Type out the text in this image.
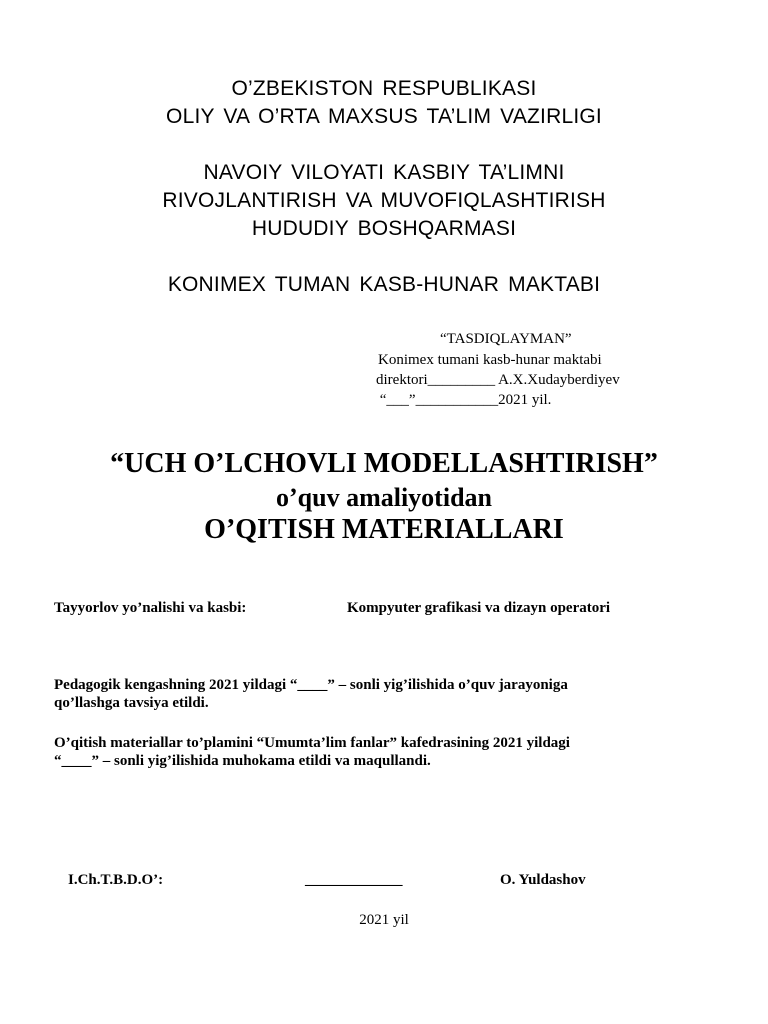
O’ZBEKISTON RESPUBLIKASI
OLIY VA O’RTA MAXSUS TA’LIM VAZIRLIGI
NAVOIY VILOYATI KASBIY TA’LIMNI
RIVOJLANTIRISH VA MUVOFIQLASHTIRISH
HUDUDIY BOSHQARMASI
KONIMEX TUMAN KASB-HUNAR MAKTABI
“TASDIQLAYMAN”
Konimex tumani kasb-hunar maktabi
direktori_________ A.X.Xudayberdiyev
“___”___________2021 yil.
“UCH O’LCHOVLI MODELLASHTIRISH”
o’quv amaliyotidan
O’QITISH MATERIALLARI
Tayyorlov yo’nalishi va kasbi:	Kompyuter grafikasi va dizayn operatori
Pedagogik kengashning 2021 yildagi “____” – sonli yig’ilishida o’quv jarayoniga
qo’llashga tavsiya etildi.
O’qitish materiallar to’plamini “Umumta’lim fanlar” kafedrasining 2021 yildagi
“____” – sonli yig’ilishida muhokama etildi va maqullandi.
I.Ch.T.B.D.O’:	_____________	O. Yuldashov
2021 yil
